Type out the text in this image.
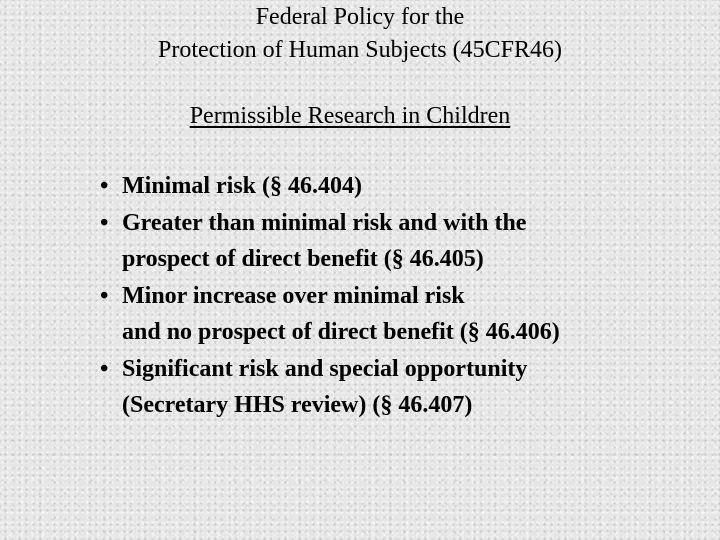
Federal Policy for the
Protection of Human Subjects (45CFR46)
Permissible Research in Children
• Minimal risk (§ 46.404)
• Greater than minimal risk and with the
prospect of direct benefit (§ 46.405)
• Minor increase over minimal risk
and no prospect of direct benefit (§ 46.406)
• Significant risk and special opportunity
(Secretary HHS review) (§ 46.407)
